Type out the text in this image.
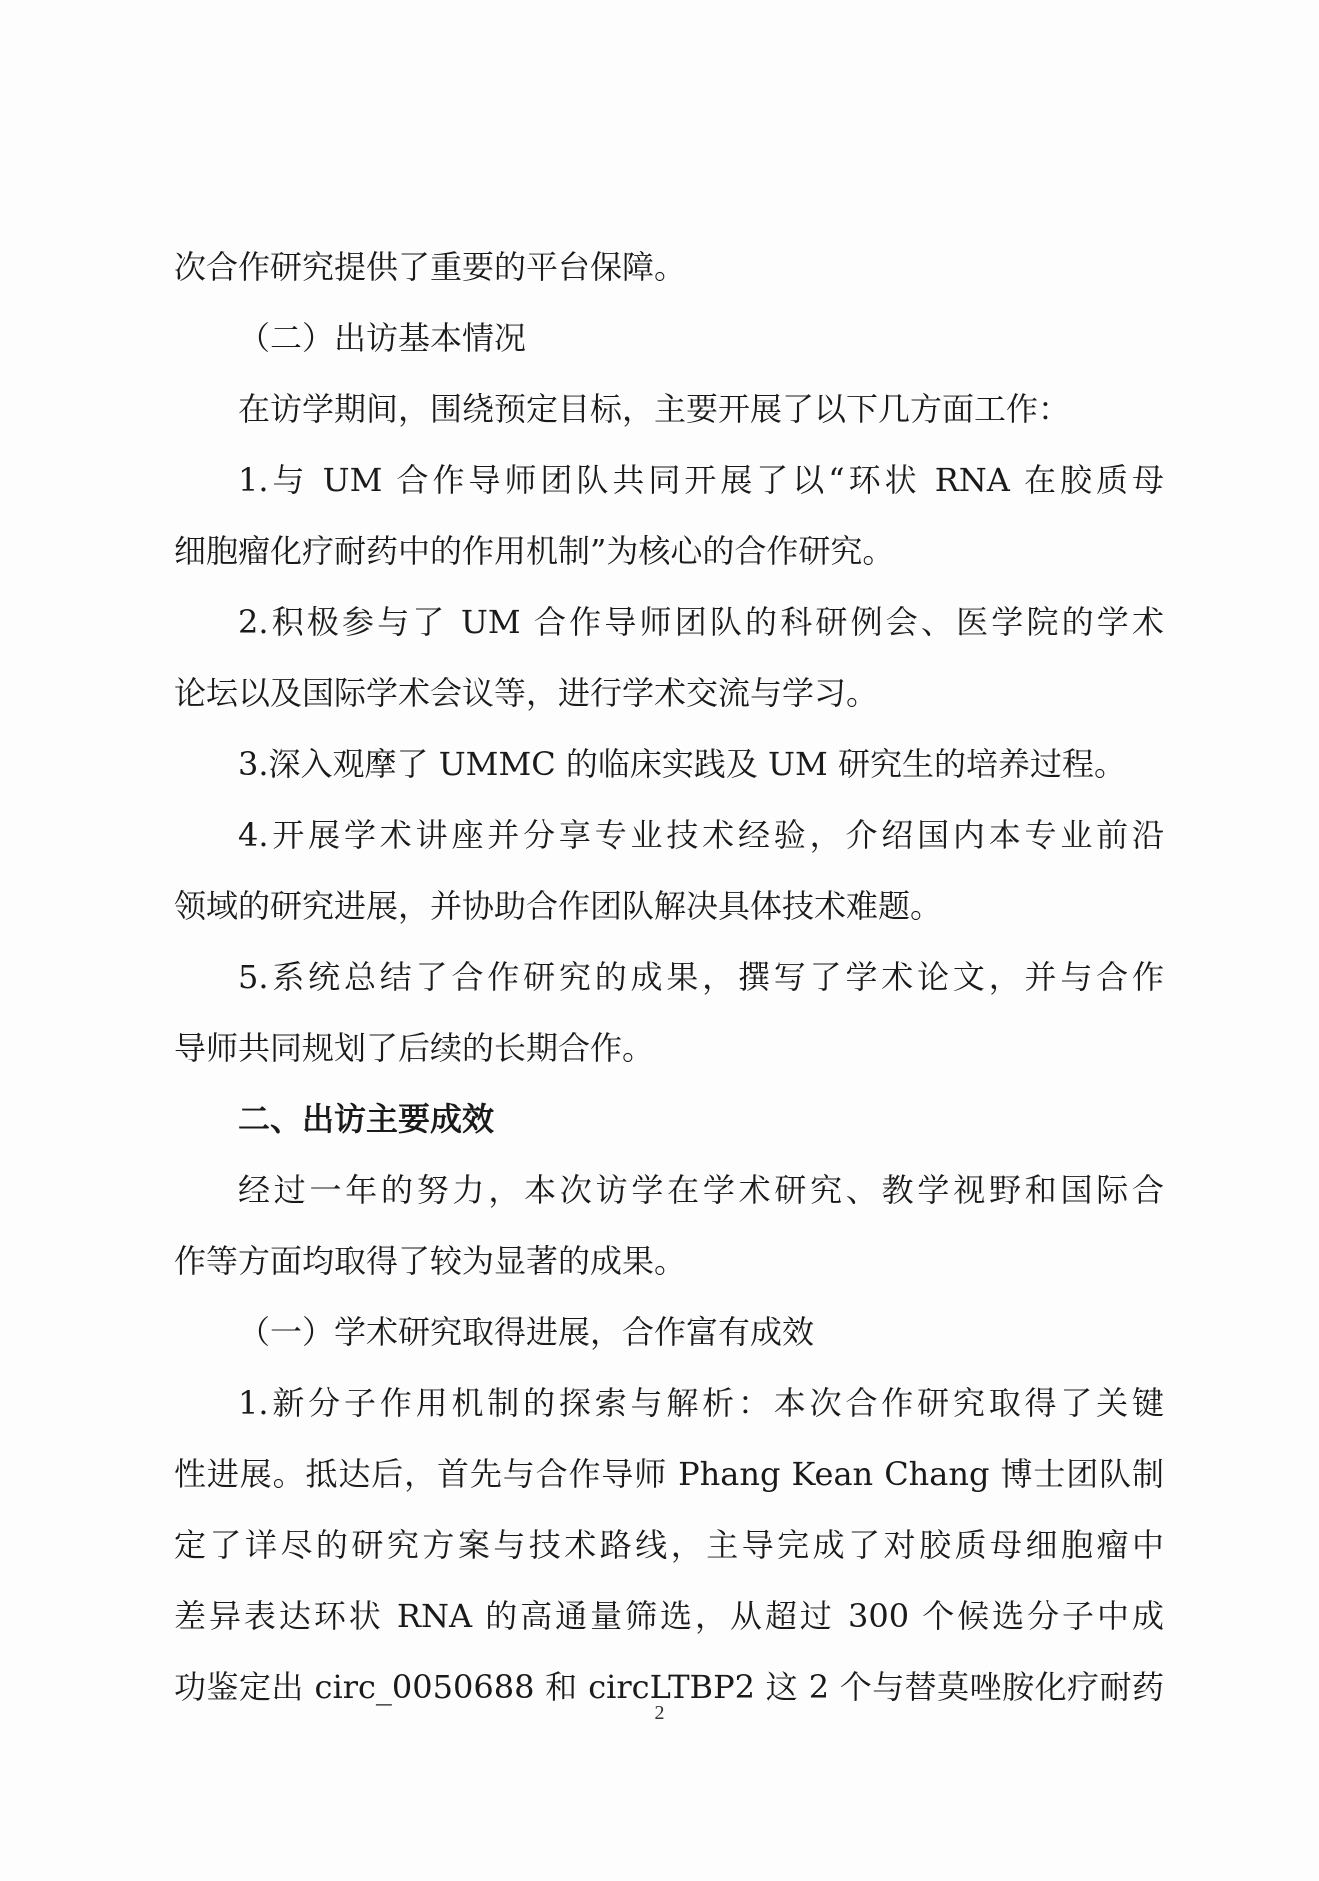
次合作研究提供了重要的平台保障。
（二）出访基本情况
在访学期间，围绕预定目标，主要开展了以下几方面工作：
1.与 UM 合作导师团队共同开展了以“环状 RNA 在胶质母
细胞瘤化疗耐药中的作用机制”为核心的合作研究。
2.积极参与了 UM 合作导师团队的科研例会、医学院的学术
论坛以及国际学术会议等，进行学术交流与学习。
3.深入观摩了 UMMC 的临床实践及 UM 研究生的培养过程。
4.开展学术讲座并分享专业技术经验，介绍国内本专业前沿
领域的研究进展，并协助合作团队解决具体技术难题。
5.系统总结了合作研究的成果，撰写了学术论文，并与合作
导师共同规划了后续的长期合作。
二、出访主要成效
经过一年的努力，本次访学在学术研究、教学视野和国际合
作等方面均取得了较为显著的成果。
（一）学术研究取得进展，合作富有成效
1.新分子作用机制的探索与解析：本次合作研究取得了关键
性进展。抵达后，首先与合作导师 Phang Kean Chang 博士团队制
定了详尽的研究方案与技术路线，主导完成了对胶质母细胞瘤中
差异表达环状 RNA 的高通量筛选，从超过 300 个候选分子中成
功鉴定出 circ_0050688 和 circLTBP2 这 2 个与替莫唑胺化疗耐药
2
